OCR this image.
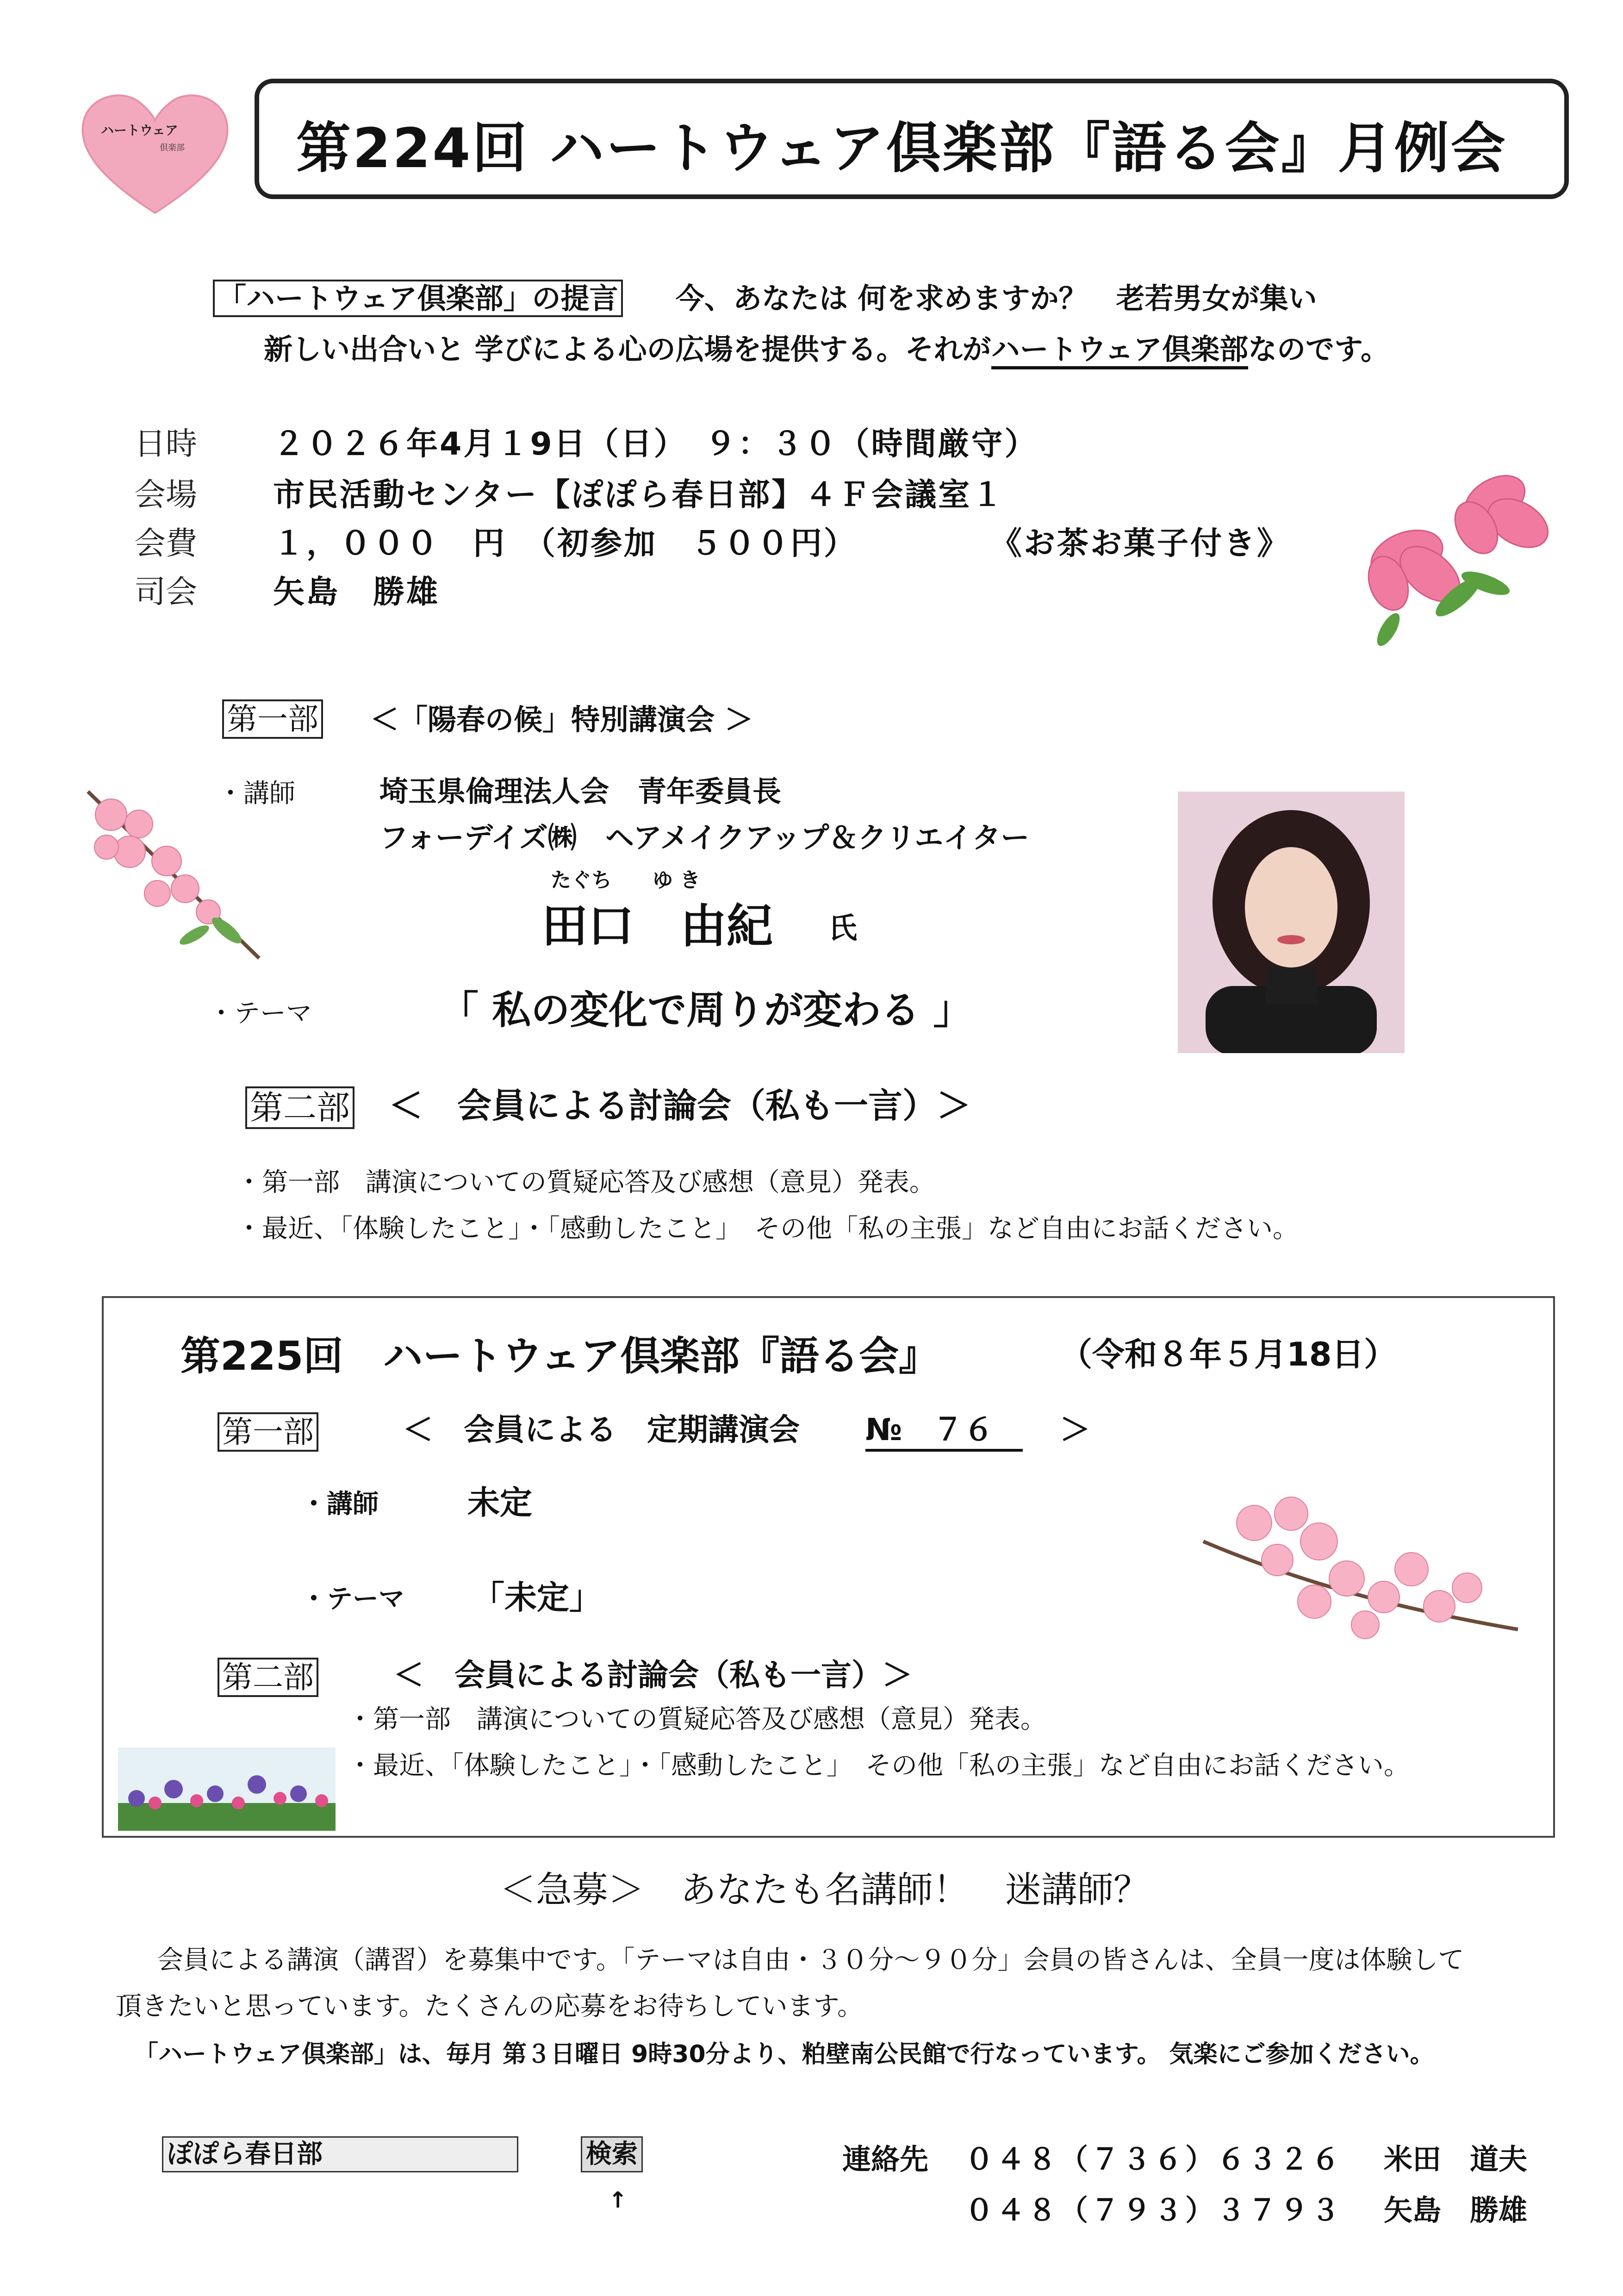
ハートウェア
倶楽部 第224回 ハートウェア倶楽部『語る会』月例会
「ハートウェア倶楽部」の提言 今、あなたは 何を求めますか？　老若男女が集い
新しい出合いと 学びによる心の広場を提供する。それがハートウェア倶楽部なのです。
日時 ２０２６年4月１9日（日）　９：３０（時間厳守）
会場 市民活動センター【ぽぽら春日部】４Ｆ会議室１
会費 １，０００　円　（初参加　５００円）	《お茶お菓子付き》
司会 矢島　勝雄
第一部 ＜「陽春の候」特別講演会 ＞
・講師	埼玉県倫理法人会　青年委員長
フォーデイズ㈱　ヘアメイクアップ＆クリエイター
たぐち　　ゆ き
田口　由紀 氏
・テーマ	「 私の変化で周りが変わる 」
第二部 ＜　会員による討論会（私も一言）＞
・第一部　講演についての質疑応答及び感想（意見）発表。
・最近、「体験したこと」・「感動したこと」　その他「私の主張」など自由にお話ください。
第225回　ハートウェア倶楽部『語る会』	（令和８年５月18日）
第一部	＜　会員による　定期講演会 №　７６	＞
・講師	未定
・テーマ 「未定」
第二部	＜　会員による討論会（私も一言）＞
・第一部　講演についての質疑応答及び感想（意見）発表。
・最近、「体験したこと」・「感動したこと」　その他「私の主張」など自由にお話ください。
＜急募＞　あなたも名講師！　迷講師？
会員による講演（講習）を募集中です。「テーマは自由・３０分～９０分」会員の皆さんは、全員一度は体験して
頂きたいと思っています。たくさんの応募をお待ちしています。
「ハートウェア倶楽部」は、毎月 第３日曜日 9時30分より、粕壁南公民館で行なっています。 気楽にご参加ください。
ぽぽら春日部	検索
↑
連絡先 ０４８（７３６）６３２６ 米田　道夫
０４８（７９３）３７９３ 矢島　勝雄
